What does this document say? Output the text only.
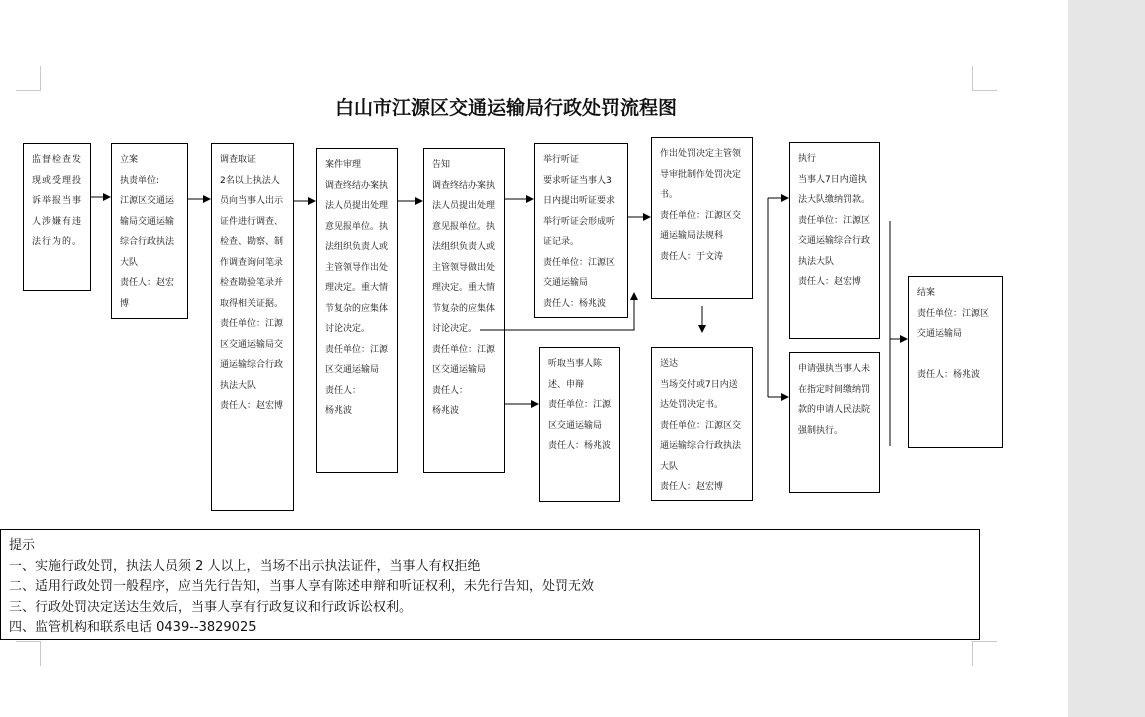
白山市江源区交通运输局行政处罚流程图
监督检查发现或受理投诉举报当事人涉嫌有违法行为的。
立案
执责单位:
江源区交通运输局交通运输综合行政执法大队
责任人：赵宏博
调查取证
2名以上执法人员向当事人出示证件进行调查、检查、勘察、制作调查询问笔录检查勘验笔录并取得相关证据。
责任单位：江源区交通运输局交通运输综合行政执法大队
责任人：赵宏博
案件审理
调查终结办案执法人员提出处理意见报单位。执法组织负责人或主管领导作出处理决定。重大情节复杂的应集体讨论决定。
责任单位：江源区交通运输局
责任人：
杨兆波
告知
调查终结办案执法人员提出处理意见报单位。执法组织负责人或主管领导做出处理决定。重大情节复杂的应集体讨论决定。
责任单位：江源区交通运输局
责任人：
杨兆波
举行听证
要求听证当事人3日内提出听证要求举行听证会形成听证记录。
责任单位：江源区交通运输局
责任人：杨兆波
听取当事人陈述、申辩
责任单位：江源区交通运输局
责任人：杨兆波
作出处罚决定主管领导审批制作处罚决定书。
责任单位：江源区交通运输局法规科
责任人：于文涛
送达
当场交付或7日内送达处罚决定书。
责任单位：江源区交通运输综合行政执法大队
责任人：赵宏博
执行
当事人7日内道执法大队缴纳罚款。
责任单位：江源区交通运输综合行政执法大队
责任人：赵宏博
申请强执当事人未在指定时间缴纳罚款的申请人民法院强制执行。
结案
责任单位：江源区交通运输局

责任人：杨兆波
提示
一、实施行政处罚，执法人员须 2 人以上，当场不出示执法证件，当事人有权拒绝
二、适用行政处罚一般程序，应当先行告知，当事人享有陈述申辩和听证权利，未先行告知，处罚无效
三、行政处罚决定送达生效后，当事人享有行政复议和行政诉讼权利。
四、监管机构和联系电话 0439--3829025
